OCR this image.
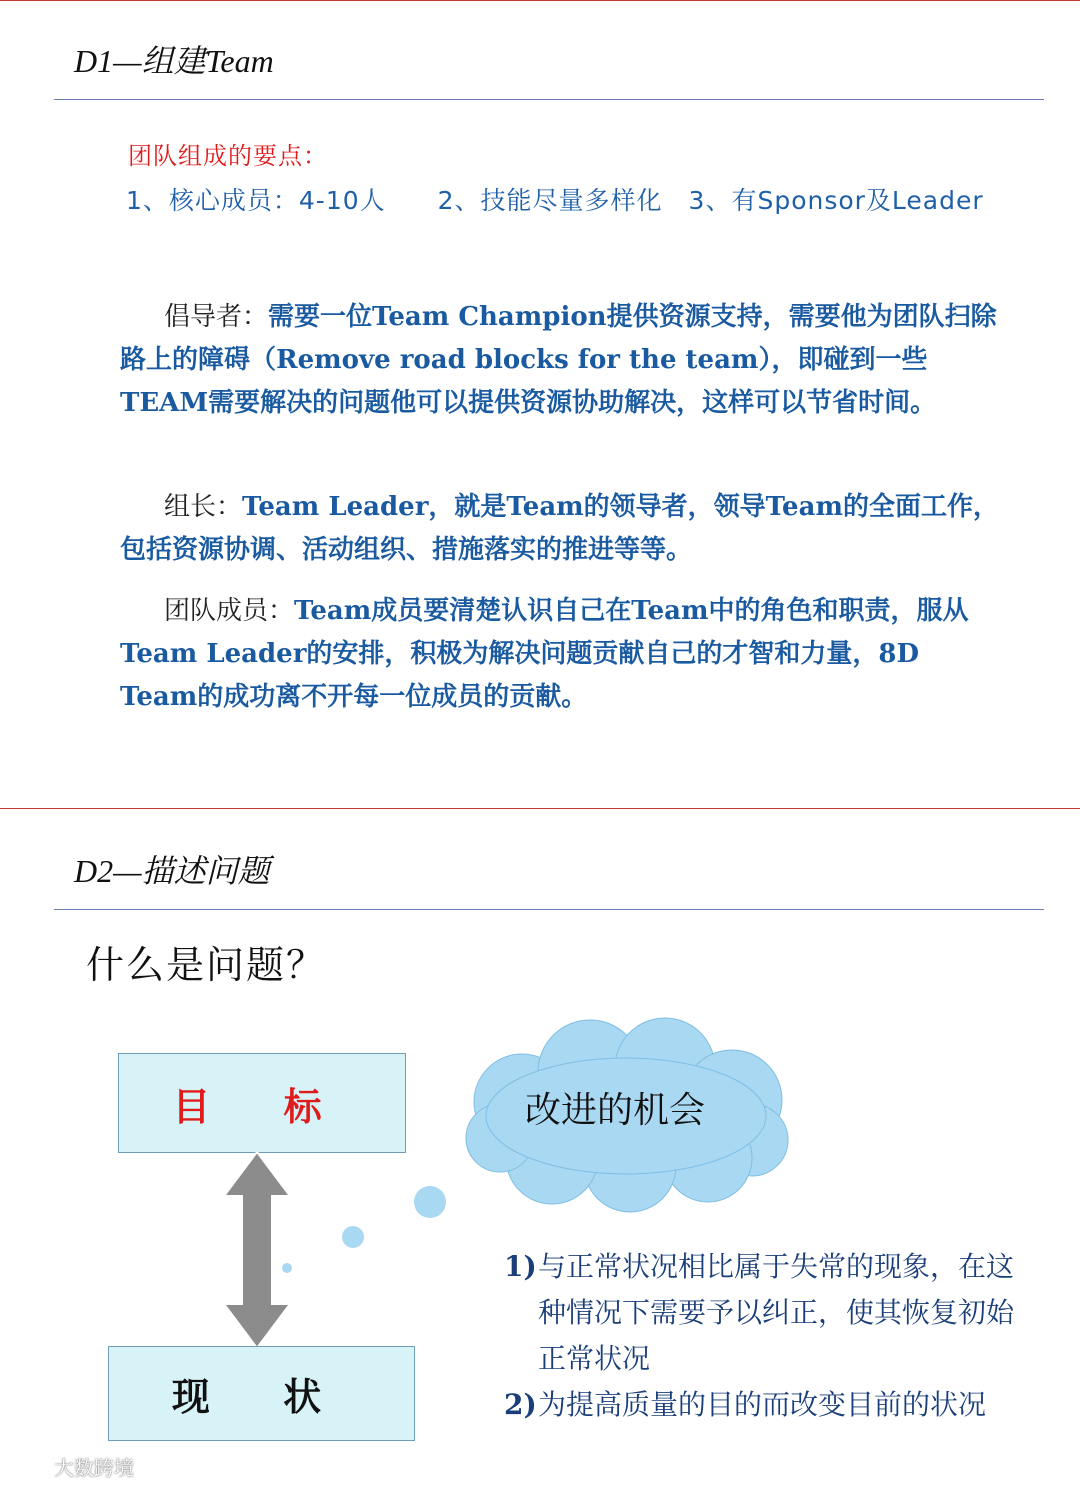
D1—组建Team
团队组成的要点：
1、核心成员：4-10人　　2、技能尽量多样化　3、有Sponsor及Leader
倡导者：需要一位Team Champion提供资源支持，需要他为团队扫除路上的障碍（Remove road blocks for the team），即碰到一些TEAM需要解决的问题他可以提供资源协助解决，这样可以节省时间。
组长：Team Leader，就是Team的领导者，领导Team的全面工作，包括资源协调、活动组织、措施落实的推进等等。
团队成员：Team成员要清楚认识自己在Team中的角色和职责，服从Team Leader的安排，积极为解决问题贡献自己的才智和力量，8D Team的成功离不开每一位成员的贡献。
D2—描述问题
什么是问题？
目 标
现 状
改进的机会
1) 与正常状况相比属于失常的现象，在这种情况下需要予以纠正，使其恢复初始正常状况
2) 为提高质量的目的而改变目前的状况
大数跨境
